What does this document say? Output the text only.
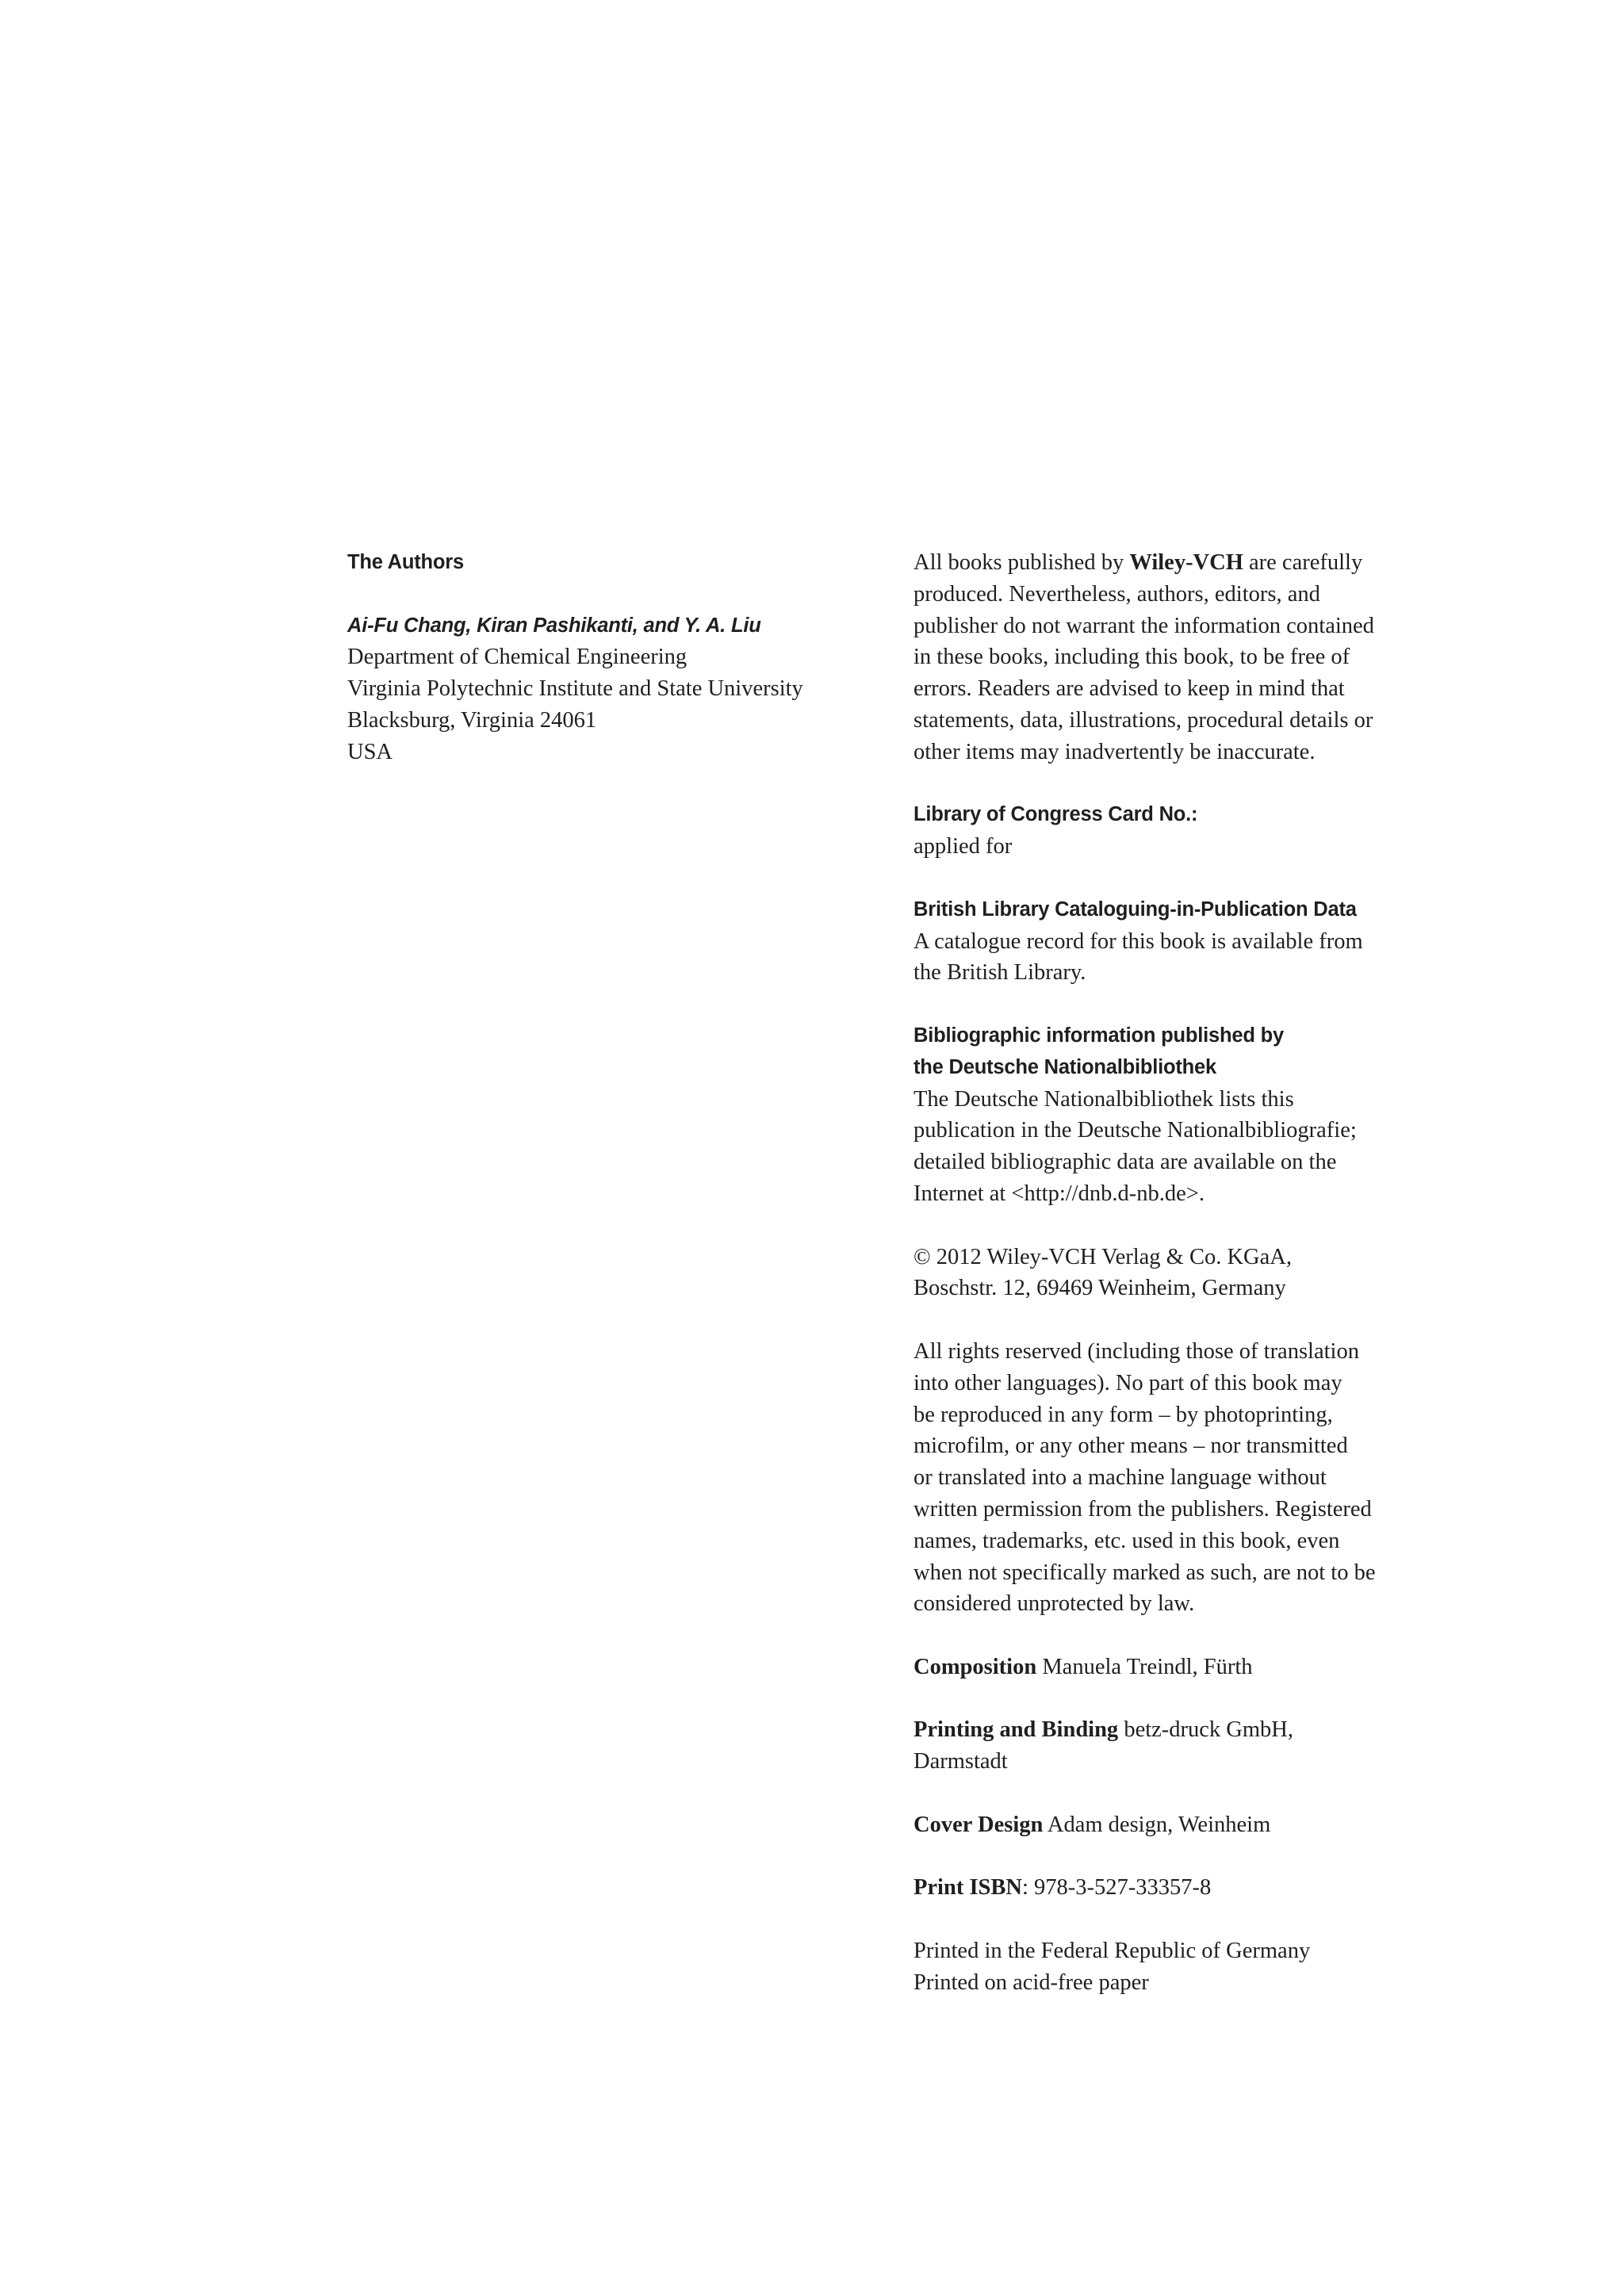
The Authors
Ai-Fu Chang, Kiran Pashikanti, and Y. A. Liu
Department of Chemical Engineering
Virginia Polytechnic Institute and State University
Blacksburg, Virginia 24061
USA
All books published by Wiley-VCH are carefully
produced. Nevertheless, authors, editors, and
publisher do not warrant the information contained
in these books, including this book, to be free of
errors. Readers are advised to keep in mind that
statements, data, illustrations, procedural details or
other items may inadvertently be inaccurate.
Library of Congress Card No.:
applied for
British Library Cataloguing-in-Publication Data
A catalogue record for this book is available from
the British Library.
Bibliographic information published by
the Deutsche Nationalbibliothek
The Deutsche Nationalbibliothek lists this
publication in the Deutsche Nationalbibliografie;
detailed bibliographic data are available on the
Internet at <http://dnb.d-nb.de>.
© 2012 Wiley-VCH Verlag & Co. KGaA,
Boschstr. 12, 69469 Weinheim, Germany
All rights reserved (including those of translation
into other languages). No part of this book may
be reproduced in any form – by photoprinting,
microfilm, or any other means – nor transmitted
or translated into a machine language without
written permission from the publishers. Registered
names, trademarks, etc. used in this book, even
when not specifically marked as such, are not to be
considered unprotected by law.
Composition Manuela Treindl, Fürth
Printing and Binding betz-druck GmbH,
Darmstadt
Cover Design Adam design, Weinheim
Print ISBN: 978-3-527-33357-8
Printed in the Federal Republic of Germany
Printed on acid-free paper
